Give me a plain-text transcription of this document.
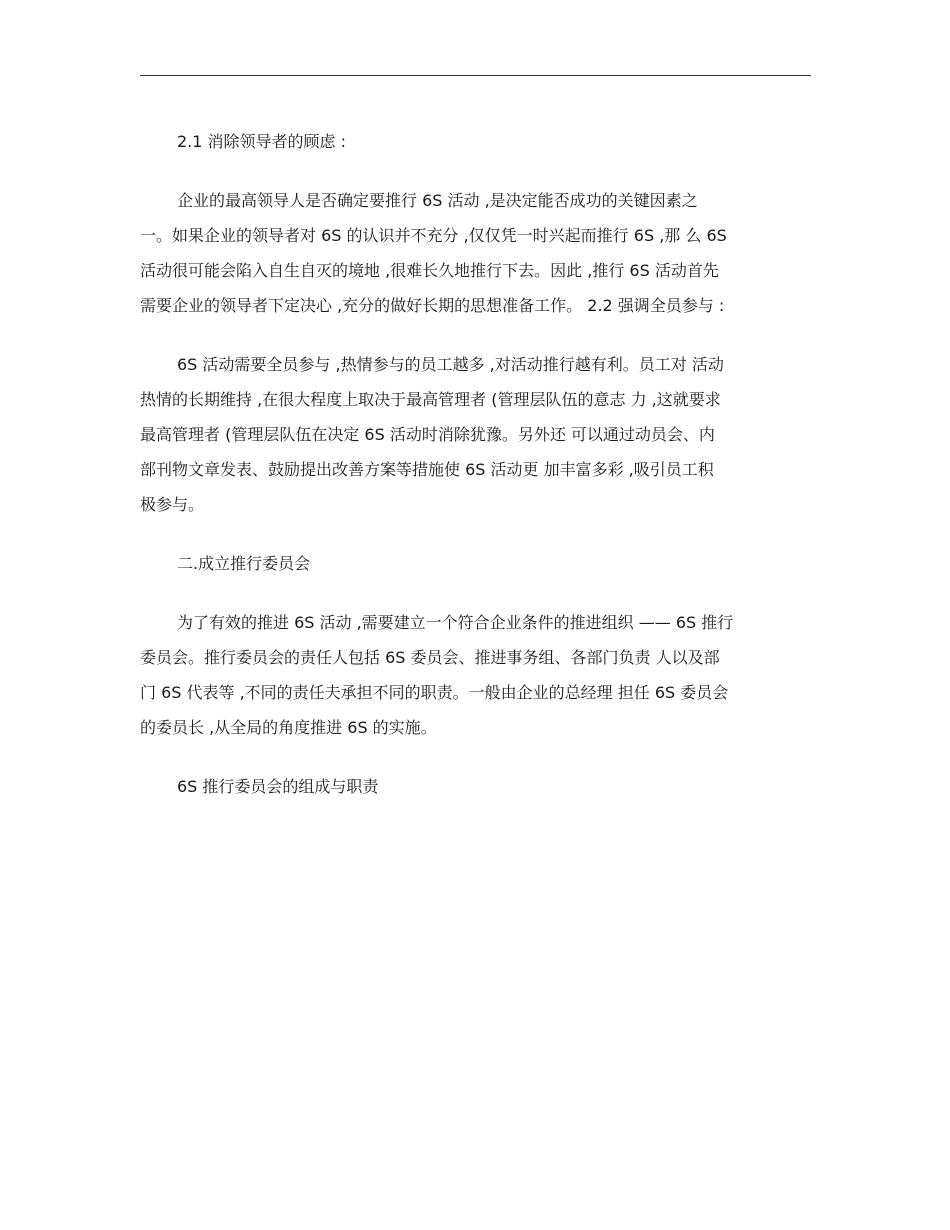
2.1 消除领导者的顾虑 :
企业的最高领导人是否确定要推行 6S 活动 ,是决定能否成功的关键因素之
一。如果企业的领导者对 6S 的认识并不充分 ,仅仅凭一时兴起而推行 6S ,那 么 6S
活动很可能会陷入自生自灭的境地 ,很难长久地推行下去。因此 ,推行 6S 活动首先
需要企业的领导者下定决心 ,充分的做好长期的思想准备工作。 2.2 强调全员参与 :
6S 活动需要全员参与 ,热情参与的员工越多 ,对活动推行越有利。员工对 活动
热情的长期维持 ,在很大程度上取决于最高管理者 (管理层队伍的意志 力 ,这就要求
最高管理者 (管理层队伍在决定 6S 活动时消除犹豫。另外还 可以通过动员会、内
部刊物文章发表、鼓励提出改善方案等措施使 6S 活动更 加丰富多彩 ,吸引员工积
极参与。
二.成立推行委员会
为了有效的推进 6S 活动 ,需要建立一个符合企业条件的推进组织 —— 6S 推行
委员会。推行委员会的责任人包括 6S 委员会、推进事务组、各部门负责 人以及部
门 6S 代表等 ,不同的责任夫承担不同的职责。一般由企业的总经理 担任 6S 委员会
的委员长 ,从全局的角度推进 6S 的实施。
6S 推行委员会的组成与职责
